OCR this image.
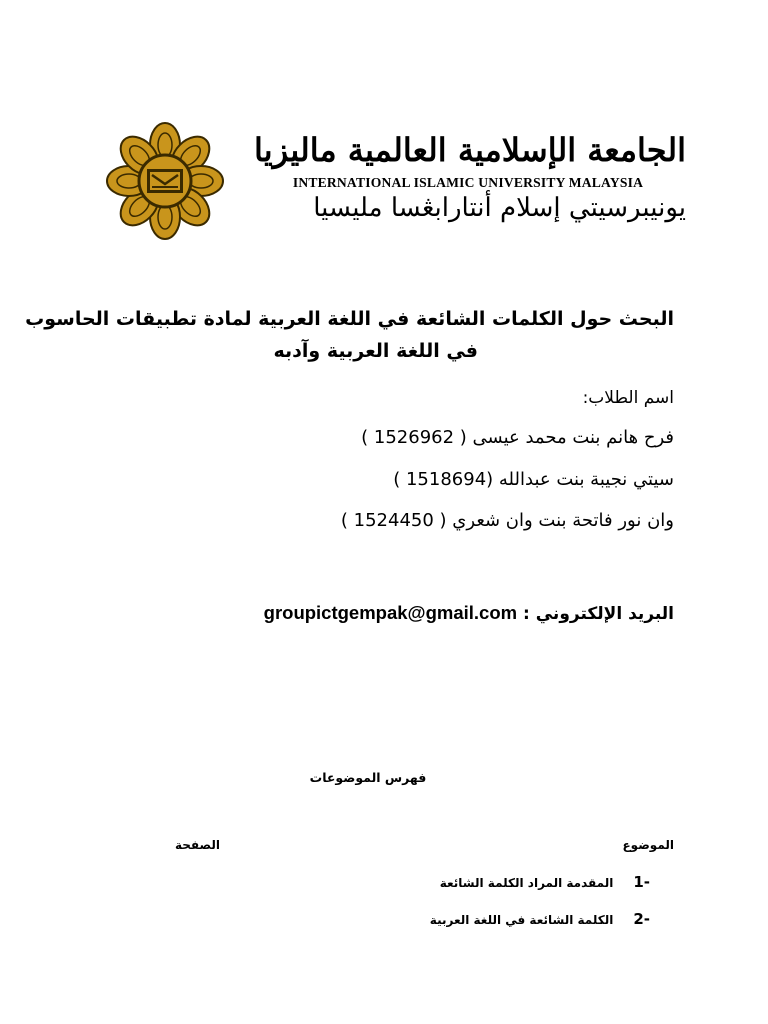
الجامعة الإسلامية العالمية ماليزيا
INTERNATIONAL ISLAMIC UNIVERSITY MALAYSIA
يونيبرسيتي إسلام أنتارابڠسا مليسيا
البحث حول الكلمات الشائعة في اللغة العربية لمادة تطبيقات الحاسوب
في اللغة العربية وآدبه
اسم الطلاب:
فرح هانم بنت محمد عيسى ( 1526962 )
سيتي نجيبة بنت عبدالله (1518694 )
وان نور فاتحة بنت وان شعري ( 1524450 )
البريد الإلكتروني : groupictgempak@gmail.com
فهرس الموضوعات
الموضوع
الصفحة
-1المقدمة المراد الكلمة الشائعة
-2الكلمة الشائعة في اللغة العربية
